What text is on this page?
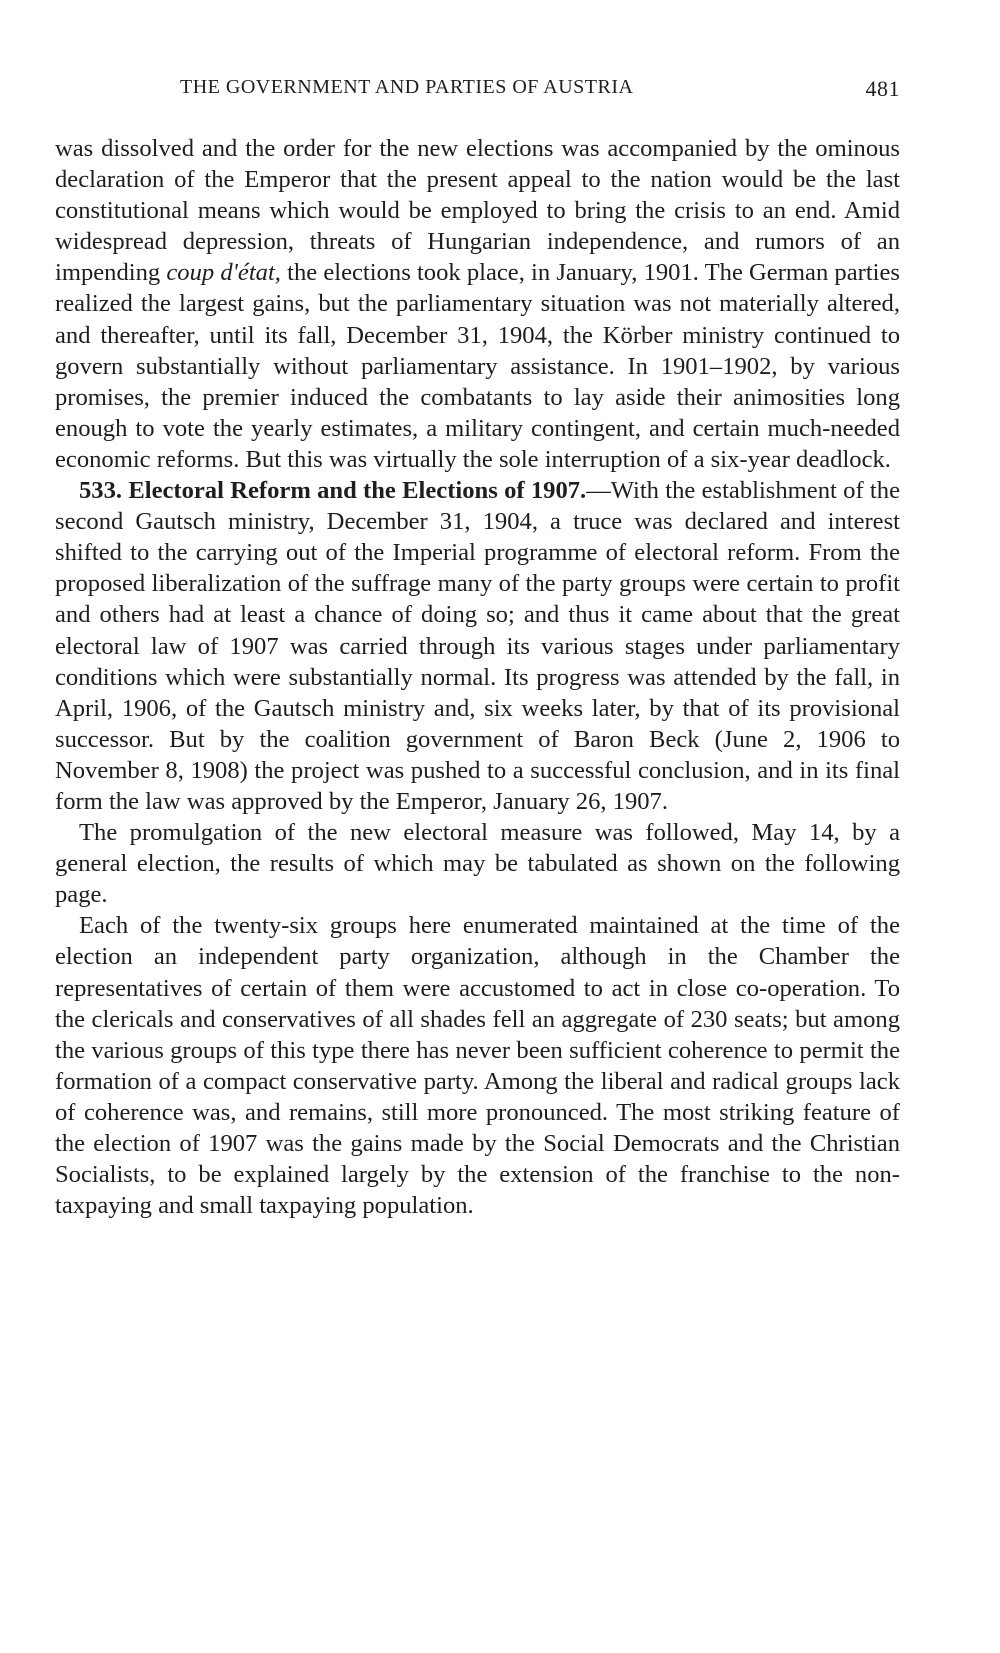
THE GOVERNMENT AND PARTIES OF AUSTRIA	481

was dissolved and the order for the new elections was accompanied by the ominous declaration of the Emperor that the present appeal to the nation would be the last constitutional means which would be employed to bring the crisis to an end. Amid widespread depression, threats of Hungarian independence, and rumors of an impending coup d'état, the elections took place, in January, 1901. The German parties realized the largest gains, but the parliamentary situation was not materially altered, and thereafter, until its fall, December 31, 1904, the Körber ministry continued to govern substantially without parliamentary assistance. In 1901–1902, by various promises, the premier induced the combatants to lay aside their animosities long enough to vote the yearly estimates, a military contingent, and certain much-needed economic reforms. But this was virtually the sole interruption of a six-year deadlock.

533. Electoral Reform and the Elections of 1907.—With the establishment of the second Gautsch ministry, December 31, 1904, a truce was declared and interest shifted to the carrying out of the Imperial programme of electoral reform. From the proposed liberalization of the suffrage many of the party groups were certain to profit and others had at least a chance of doing so; and thus it came about that the great electoral law of 1907 was carried through its various stages under parliamentary conditions which were substantially normal. Its progress was attended by the fall, in April, 1906, of the Gautsch ministry and, six weeks later, by that of its provisional successor. But by the coalition government of Baron Beck (June 2, 1906 to November 8, 1908) the project was pushed to a successful conclusion, and in its final form the law was approved by the Emperor, January 26, 1907.

The promulgation of the new electoral measure was followed, May 14, by a general election, the results of which may be tabulated as shown on the following page.

Each of the twenty-six groups here enumerated maintained at the time of the election an independent party organization, although in the Chamber the representatives of certain of them were accustomed to act in close co-operation. To the clericals and conservatives of all shades fell an aggregate of 230 seats; but among the various groups of this type there has never been sufficient coherence to permit the formation of a compact conservative party. Among the liberal and radical groups lack of coherence was, and remains, still more pronounced. The most striking feature of the election of 1907 was the gains made by the Social Democrats and the Christian Socialists, to be explained largely by the extension of the franchise to the non-taxpaying and small taxpaying population.
